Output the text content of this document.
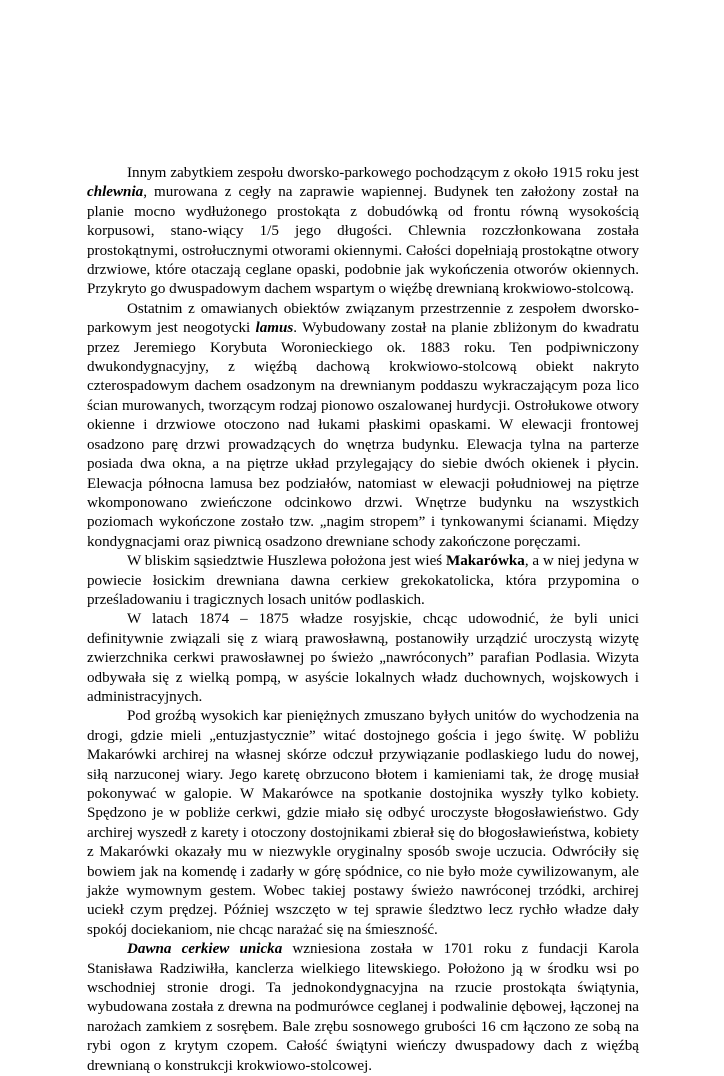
Innym zabytkiem zespołu dworsko-parkowego pochodzącym z około 1915 roku jest chlewnia, murowana z cegły na zaprawie wapiennej. Budynek ten założony został na planie mocno wydłużonego prostokąta z dobudówką od frontu równą wysokością korpusowi, stano-wiący 1/5 jego długości. Chlewnia rozczłonkowana została prostokątnymi, ostrołucznymi otworami okiennymi. Całości dopełniają prostokątne otwory drzwiowe, które otaczają ceglane opaski, podobnie jak wykończenia otworów okiennych. Przykryto go dwuspadowym dachem wspartym o więźbę drewnianą krokwiowo-stolcową.

Ostatnim z omawianych obiektów związanym przestrzennie z zespołem dworsko-parkowym jest neogotycki lamus. Wybudowany został na planie zbliżonym do kwadratu przez Jeremiego Korybuta Woronieckiego ok. 1883 roku. Ten podpiwniczony dwukondygnacyjny, z więźbą dachową krokwiowo-stolcową obiekt nakryto czterospadowym dachem osadzonym na drewnianym poddaszu wykraczającym poza lico ścian murowanych, tworzącym rodzaj pionowo oszalowanej hurdycji. Ostrołukowe otwory okienne i drzwiowe otoczono nad łukami płaskimi opaskami. W elewacji frontowej osadzono parę drzwi prowadzących do wnętrza budynku. Elewacja tylna na parterze posiada dwa okna, a na piętrze układ przylegający do siebie dwóch okienek i płycin. Elewacja północna lamusa bez podziałów, natomiast w elewacji południowej na piętrze wkomponowano zwieńczone odcinkowo drzwi. Wnętrze budynku na wszystkich poziomach wykończone zostało tzw. „nagim stropem” i tynkowanymi ścianami. Między kondygnacjami oraz piwnicą osadzono drewniane schody zakończone poręczami.

W bliskim sąsiedztwie Huszlewa położona jest wieś Makarówka, a w niej jedyna w powiecie łosickim drewniana dawna cerkiew grekokatolicka, która przypomina o prześladowaniu i tragicznych losach unitów podlaskich.

W latach 1874 – 1875 władze rosyjskie, chcąc udowodnić, że byli unici definitywnie związali się z wiarą prawosławną, postanowiły urządzić uroczystą wizytę zwierzchnika cerkwi prawosławnej po świeżo „nawróconych” parafian Podlasia. Wizyta odbywała się z wielką pompą, w asyście lokalnych władz duchownych, wojskowych i administracyjnych.

Pod groźbą wysokich kar pieniężnych zmuszano byłych unitów do wychodzenia na drogi, gdzie mieli „entuzjastycznie” witać dostojnego gościa i jego świtę. W pobliżu Makarówki archirej na własnej skórze odczuł przywiązanie podlaskiego ludu do nowej, siłą narzuconej wiary. Jego karetę obrzucono błotem i kamieniami tak, że drogę musiał pokonywać w galopie. W Makarówce na spotkanie dostojnika wyszły tylko kobiety. Spędzono je w pobliże cerkwi, gdzie miało się odbyć uroczyste błogosławieństwo. Gdy archirej wyszedł z karety i otoczony dostojnikami zbierał się do błogosławieństwa, kobiety z Makarówki okazały mu w niezwykle oryginalny sposób swoje uczucia. Odwróciły się bowiem jak na komendę i zadarły w górę spódnice, co nie było może cywilizowanym, ale jakże wymownym gestem. Wobec takiej postawy świeżo nawróconej trzódki, archirej uciekł czym prędzej. Później wszczęto w tej sprawie śledztwo lecz rychło władze dały spokój dociekaniom, nie chcąc narażać się na śmieszność.

Dawna cerkiew unicka wzniesiona została w 1701 roku z fundacji Karola Stanisława Radziwiłła, kanclerza wielkiego litewskiego. Położono ją w środku wsi po wschodniej stronie drogi. Ta jednokondygnacyjna na rzucie prostokąta świątynia, wybudowana została z drewna na podmurówce ceglanej i podwalinie dębowej, łączonej na narożach zamkiem z sosrębem. Bale zrębu sosnowego grubości 16 cm łączono ze sobą na rybi ogon z krytym czopem. Całość świątyni wieńczy dwuspadowy dach z więźbą drewnianą o konstrukcji krokwiowo-stolcowej.
